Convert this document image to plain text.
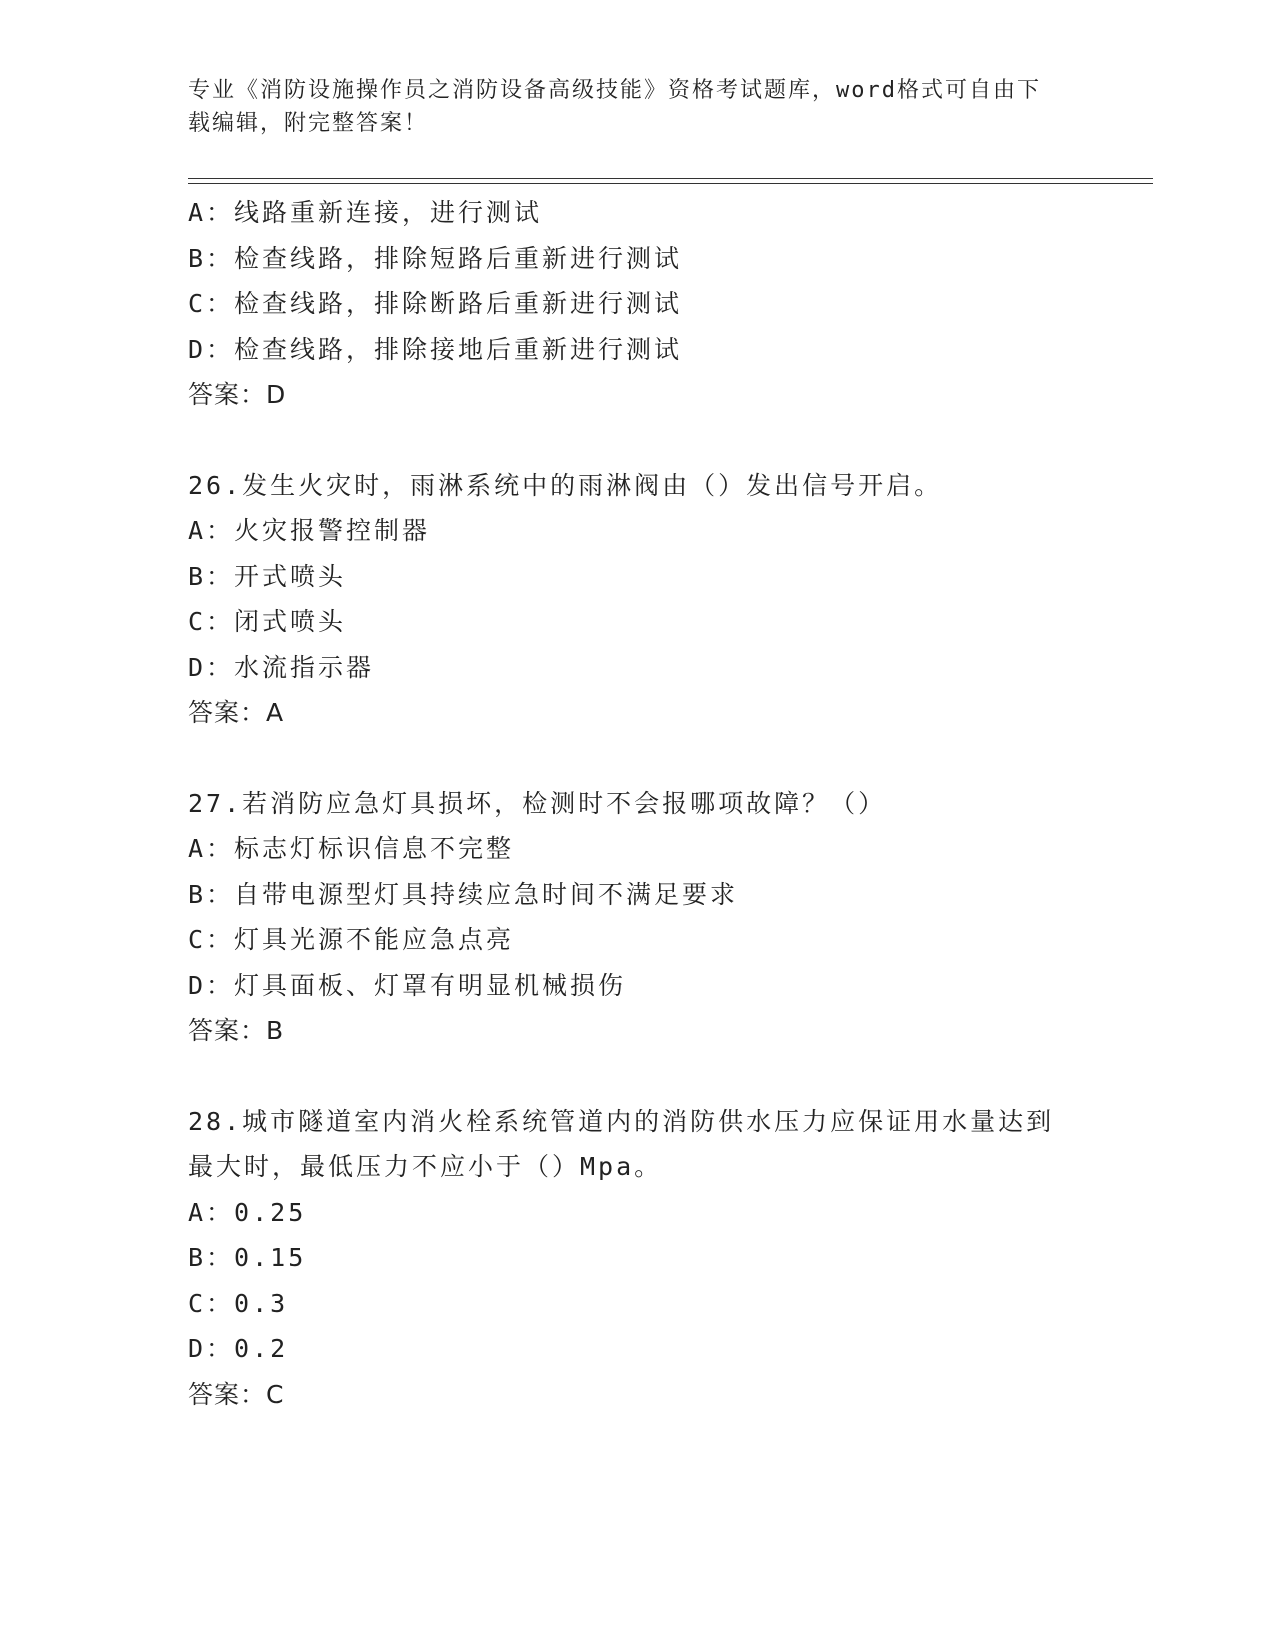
专业《消防设施操作员之消防设备高级技能》资格考试题库，word格式可自由下
载编辑，附完整答案！
A：线路重新连接，进行测试
B：检查线路，排除短路后重新进行测试
C：检查线路，排除断路后重新进行测试
D：检查线路，排除接地后重新进行测试
答案：D
26.发生火灾时，雨淋系统中的雨淋阀由（）发出信号开启。
A：火灾报警控制器
B：开式喷头
C：闭式喷头
D：水流指示器
答案：A
27.若消防应急灯具损坏，检测时不会报哪项故障？（）
A：标志灯标识信息不完整
B：自带电源型灯具持续应急时间不满足要求
C：灯具光源不能应急点亮
D：灯具面板、灯罩有明显机械损伤
答案：B
28.城市隧道室内消火栓系统管道内的消防供水压力应保证用水量达到
最大时，最低压力不应小于（）Mpa。
A：0.25
B：0.15
C：0.3
D：0.2
答案：C
